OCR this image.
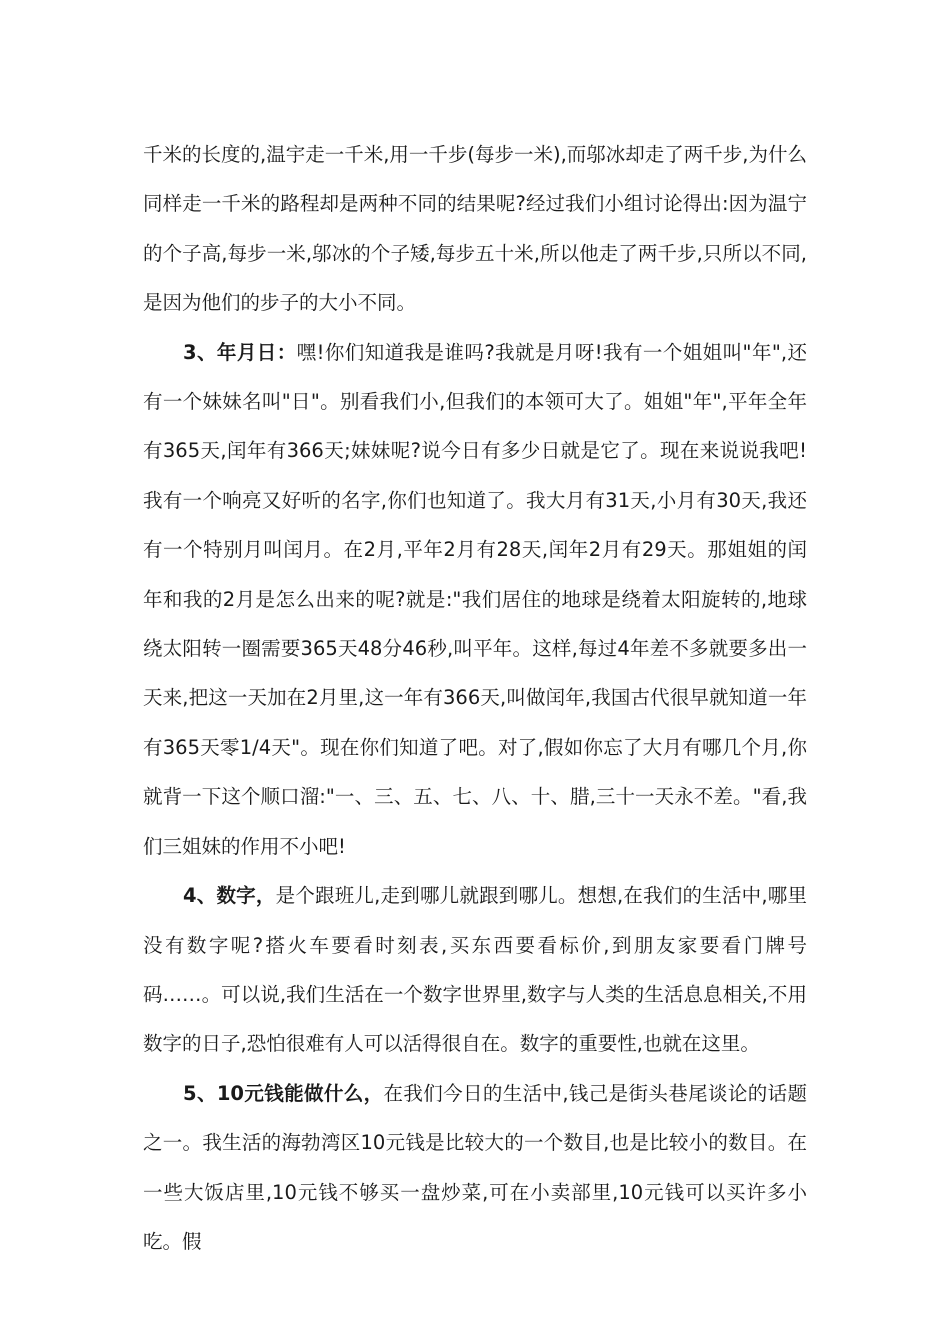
千米的长度的,温宇走一千米,用一千步(每步一米),而邬冰却走了两千步,为什么同样走一千米的路程却是两种不同的结果呢?经过我们小组讨论得出:因为温宁的个子高,每步一米,邬冰的个子矮,每步五十米,所以他走了两千步,只所以不同,是因为他们的步子的大小不同。

3、年月日：嘿!你们知道我是谁吗?我就是月呀!我有一个姐姐叫"年",还有一个妹妹名叫"日"。别看我们小,但我们的本领可大了。姐姐"年",平年全年有365天,闰年有366天;妹妹呢?说今日有多少日就是它了。现在来说说我吧!我有一个响亮又好听的名字,你们也知道了。我大月有31天,小月有30天,我还有一个特别月叫闰月。在2月,平年2月有28天,闰年2月有29天。那姐姐的闰年和我的2月是怎么出来的呢?就是:"我们居住的地球是绕着太阳旋转的,地球绕太阳转一圈需要365天48分46秒,叫平年。这样,每过4年差不多就要多出一天来,把这一天加在2月里,这一年有366天,叫做闰年,我国古代很早就知道一年有365天零1/4天"。现在你们知道了吧。对了,假如你忘了大月有哪几个月,你就背一下这个顺口溜:"一、三、五、七、八、十、腊,三十一天永不差。"看,我们三姐妹的作用不小吧!

4、数字，是个跟班儿,走到哪儿就跟到哪儿。想想,在我们的生活中,哪里没有数字呢?搭火车要看时刻表,买东西要看标价,到朋友家要看门牌号码……。可以说,我们生活在一个数字世界里,数字与人类的生活息息相关,不用数字的日子,恐怕很难有人可以活得很自在。数字的重要性,也就在这里。

5、10元钱能做什么，在我们今日的生活中,钱己是街头巷尾谈论的话题之一。我生活的海勃湾区10元钱是比较大的一个数目,也是比较小的数目。在一些大饭店里,10元钱不够买一盘炒菜,可在小卖部里,10元钱可以买许多小吃。假
